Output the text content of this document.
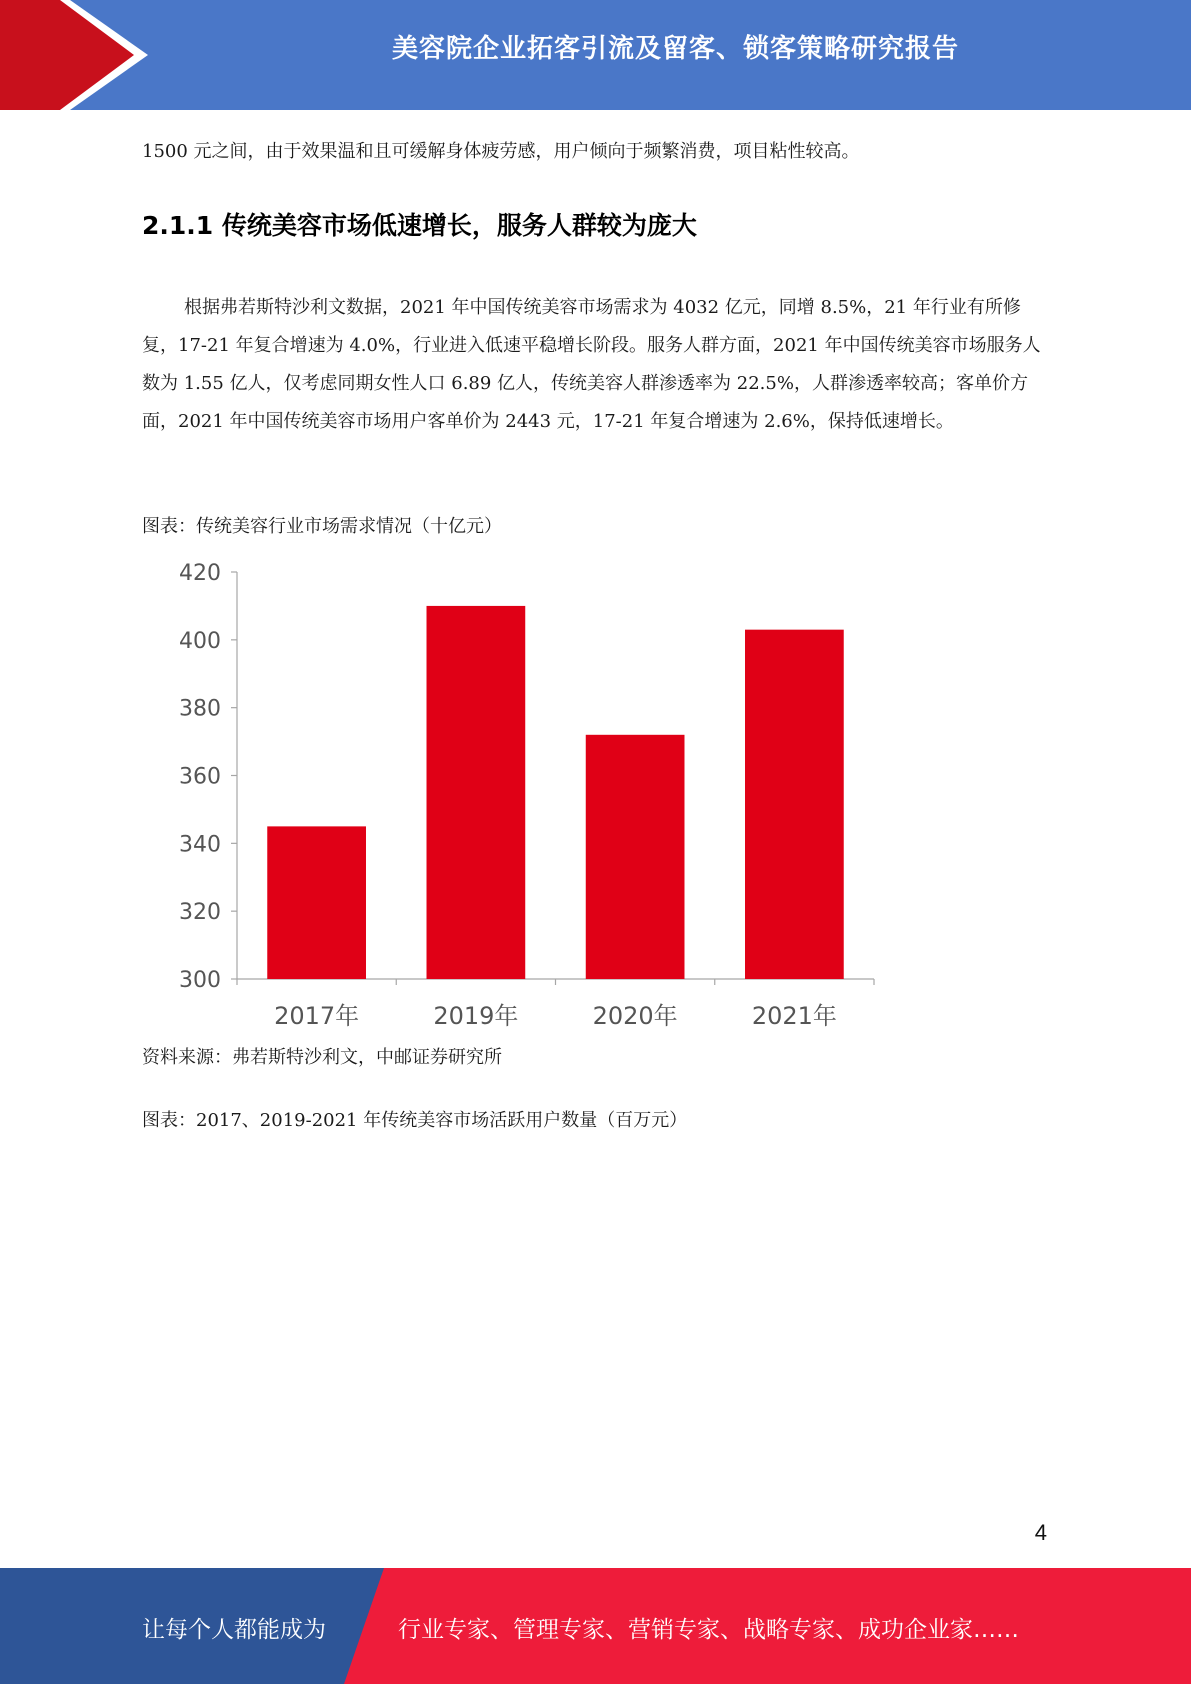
美容院企业拓客引流及留客、锁客策略研究报告

1500 元之间，由于效果温和且可缓解身体疲劳感，用户倾向于频繁消费，项目粘性较高。

2.1.1 传统美容市场低速增长，服务人群较为庞大

根据弗若斯特沙利文数据，2021 年中国传统美容市场需求为 4032 亿元，同增 8.5%，21 年行业有所修复，17-21 年复合增速为 4.0%，行业进入低速平稳增长阶段。服务人群方面，2021 年中国传统美容市场服务人数为 1.55 亿人，仅考虑同期女性人口 6.89 亿人，传统美容人群渗透率为 22.5%，人群渗透率较高；客单价方面，2021 年中国传统美容市场用户客单价为 2443 元，17-21 年复合增速为 2.6%，保持低速增长。

图表：传统美容行业市场需求情况（十亿元）

300
320
340
360
380
400
420
2017年	2019年	2020年	2021年

资料来源：弗若斯特沙利文，中邮证券研究所

图表：2017、2019-2021 年传统美容市场活跃用户数量（百万元）

4
让每个人都能成为	行业专家、管理专家、营销专家、战略专家、成功企业家……
